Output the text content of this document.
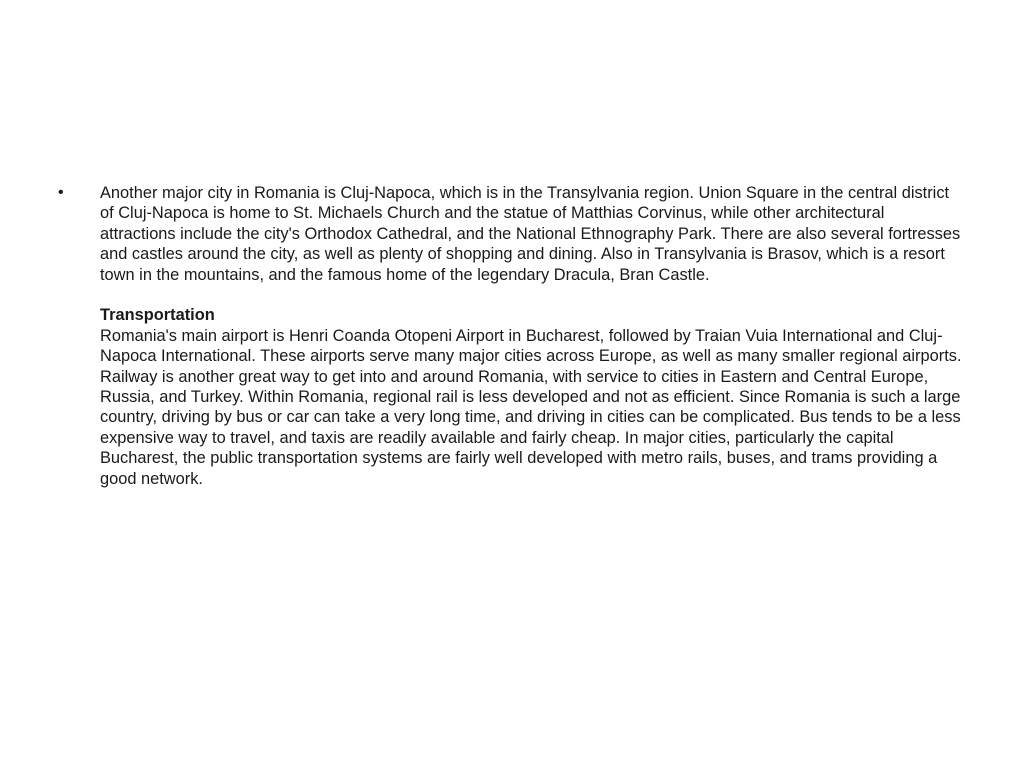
•	Another major city in Romania is Cluj-Napoca, which is in the Transylvania region. Union Square in the central district of Cluj-Napoca is home to St. Michaels Church and the statue of Matthias Corvinus, while other architectural attractions include the city's Orthodox Cathedral, and the National Ethnography Park. There are also several fortresses and castles around the city, as well as plenty of shopping and dining. Also in Transylvania is Brasov, which is a resort town in the mountains, and the famous home of the legendary Dracula, Bran Castle.

Transportation

Romania's main airport is Henri Coanda Otopeni Airport in Bucharest, followed by Traian Vuia International and Cluj-Napoca International. These airports serve many major cities across Europe, as well as many smaller regional airports. Railway is another great way to get into and around Romania, with service to cities in Eastern and Central Europe, Russia, and Turkey. Within Romania, regional rail is less developed and not as efficient. Since Romania is such a large country, driving by bus or car can take a very long time, and driving in cities can be complicated. Bus tends to be a less expensive way to travel, and taxis are readily available and fairly cheap. In major cities, particularly the capital Bucharest, the public transportation systems are fairly well developed with metro rails, buses, and trams providing a good network.
